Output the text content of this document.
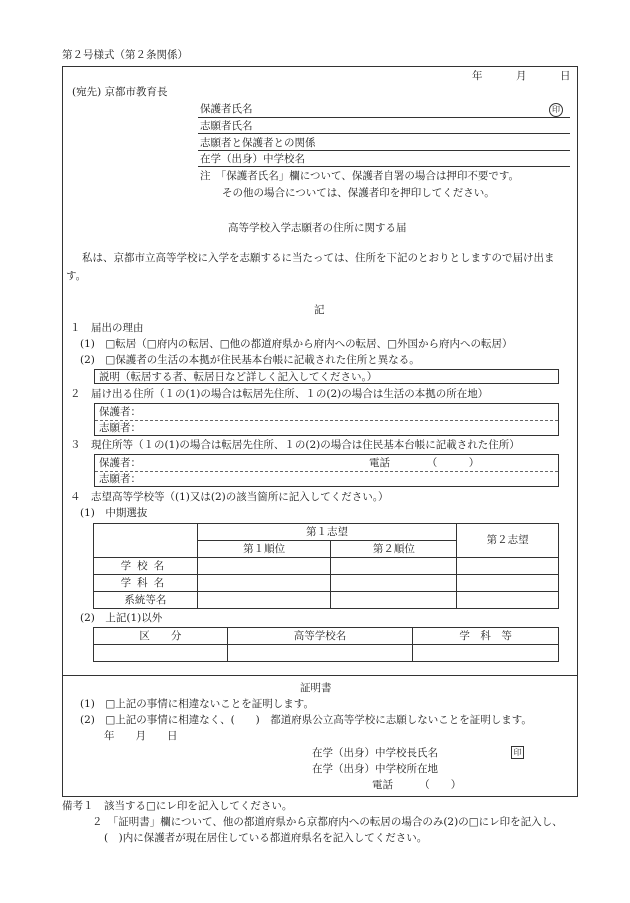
第２号様式（第２条関係）
年	月	日
(宛先) 京都市教育長
保護者氏名	印
志願者氏名
志願者と保護者との関係
在学（出身）中学校名
注　「保護者氏名」欄について、保護者自署の場合は押印不要です。
その他の場合については、保護者印を押印してください。
高等学校入学志願者の住所に関する届
私は、京都市立高等学校に入学を志願するに当たっては、住所を下記のとおりとしますので届け出ま
す。
記
１　届出の理由
(1)　□転居（□府内の転居、□他の都道府県から府内への転居、□外国から府内への転居）
(2)　□保護者の生活の本拠が住民基本台帳に記載された住所と異なる。
説明（転居する者、転居日など詳しく記入してください。）
２　届け出る住所（１の(1)の場合は転居先住所、１の(2)の場合は生活の本拠の所在地）
保護者：
志願者：
３　現住所等（１の(1)の場合は転居先住所、１の(2)の場合は住民基本台帳に記載された住所）
保護者：	電話　　　　（　　　）
志願者：
４　志望高等学校等（(1)又は(2)の該当箇所に記入してください。）
(1)　中期選抜
	第１志望		第２志望
	第１順位	第２順位	
学校名			
学科名			
系統等名			
(2)　上記(1)以外
区　　分	高等学校名	学　科　等

証明書
(1)　□上記の事情に相違ないことを証明します。
(2)　□上記の事情に相違なく、(　　)　都道府県公立高等学校に志願しないことを証明します。
年　　月　　日
在学（出身）中学校長氏名	印
在学（出身）中学校所在地
電話　　　（　　）
備考１　該当する□にレ印を記入してください。
２　「証明書」欄について、他の都道府県から京都府内への転居の場合のみ(2)の□にレ印を記入し、
(　)内に保護者が現在居住している都道府県名を記入してください。
